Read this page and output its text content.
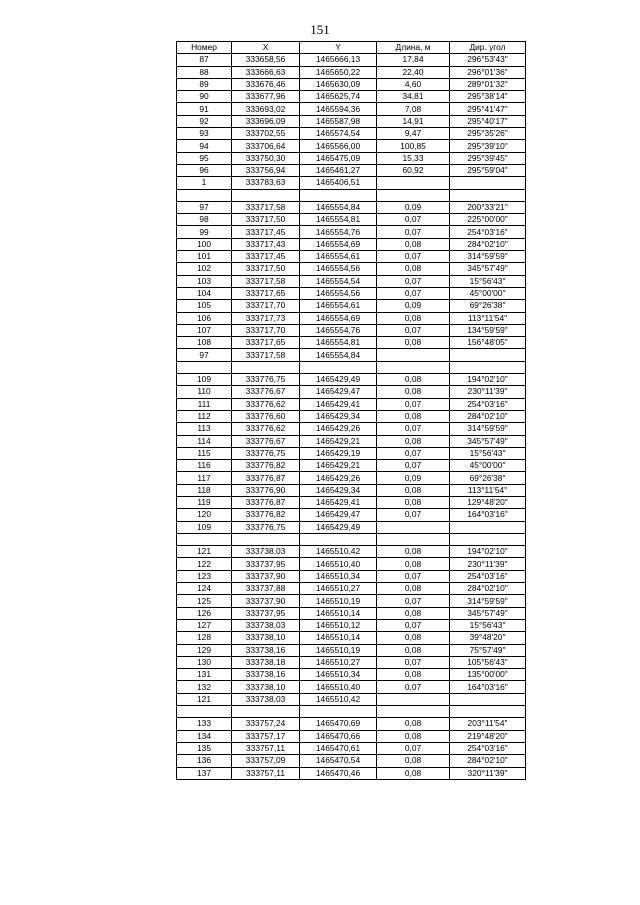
151
Номер	X	Y	Длина, м	Дир. угол
87	333658,56	1465666,13	17,84	296°53'43"
88	333666,63	1465650,22	22,40	296°01'36"
89	333676,46	1465630,09	4,60	289°01'32"
90	333677,96	1465625,74	34,81	295°38'14"
91	333693,02	1465594,36	7,08	295°41'47"
92	333696,09	1465587,98	14,91	295°40'17"
93	333702,55	1465574,54	9,47	295°35'26"
94	333706,64	1465566,00	100,85	295°39'10"
95	333750,30	1465475,09	15,33	295°39'45"
96	333756,94	1465461,27	60,92	295°59'04"
1	333783,63	1465406,51		

97	333717,58	1465554,84	0,09	200°33'21"
98	333717,50	1465554,81	0,07	225°00'00"
99	333717,45	1465554,76	0,07	254°03'16"
100	333717,43	1465554,69	0,08	284°02'10"
101	333717,45	1465554,61	0,07	314°59'59"
102	333717,50	1465554,56	0,08	345°57'49"
103	333717,58	1465554,54	0,07	15°56'43"
104	333717,65	1465554,56	0,07	45°00'00"
105	333717,70	1465554,61	0,09	69°26'38"
106	333717,73	1465554,69	0,08	113°11'54"
107	333717,70	1465554,76	0,07	134°59'59"
108	333717,65	1465554,81	0,08	156°48'05"
97	333717,58	1465554,84		

109	333776,75	1465429,49	0,08	194°02'10"
110	333776,67	1465429,47	0,08	230°11'39"
111	333776,62	1465429,41	0,07	254°03'16"
112	333776,60	1465429,34	0,08	284°02'10"
113	333776,62	1465429,26	0,07	314°59'59"
114	333776,67	1465429,21	0,08	345°57'49"
115	333776,75	1465429,19	0,07	15°56'43"
116	333776,82	1465429,21	0,07	45°00'00"
117	333776,87	1465429,26	0,09	69°26'38"
118	333776,90	1465429,34	0,08	113°11'54"
119	333776,87	1465429,41	0,08	129°48'20"
120	333776,82	1465429,47	0,07	164°03'16"
109	333776,75	1465429,49		

121	333738,03	1465510,42	0,08	194°02'10"
122	333737,95	1465510,40	0,08	230°11'39"
123	333737,90	1465510,34	0,07	254°03'16"
124	333737,88	1465510,27	0,08	284°02'10"
125	333737,90	1465510,19	0,07	314°59'59"
126	333737,95	1465510,14	0,08	345°57'49"
127	333738,03	1465510,12	0,07	15°56'43"
128	333738,10	1465510,14	0,08	39°48'20"
129	333738,16	1465510,19	0,08	75°57'49"
130	333738,18	1465510,27	0,07	105°56'43"
131	333738,16	1465510,34	0,08	135°00'00"
132	333738,10	1465510,40	0,07	164°03'16"
121	333738,03	1465510,42		

133	333757,24	1465470,69	0,08	203°11'54"
134	333757,17	1465470,66	0,08	219°48'20"
135	333757,11	1465470,61	0,07	254°03'16"
136	333757,09	1465470,54	0,08	284°02'10"
137	333757,11	1465470,46	0,08	320°11'39"
